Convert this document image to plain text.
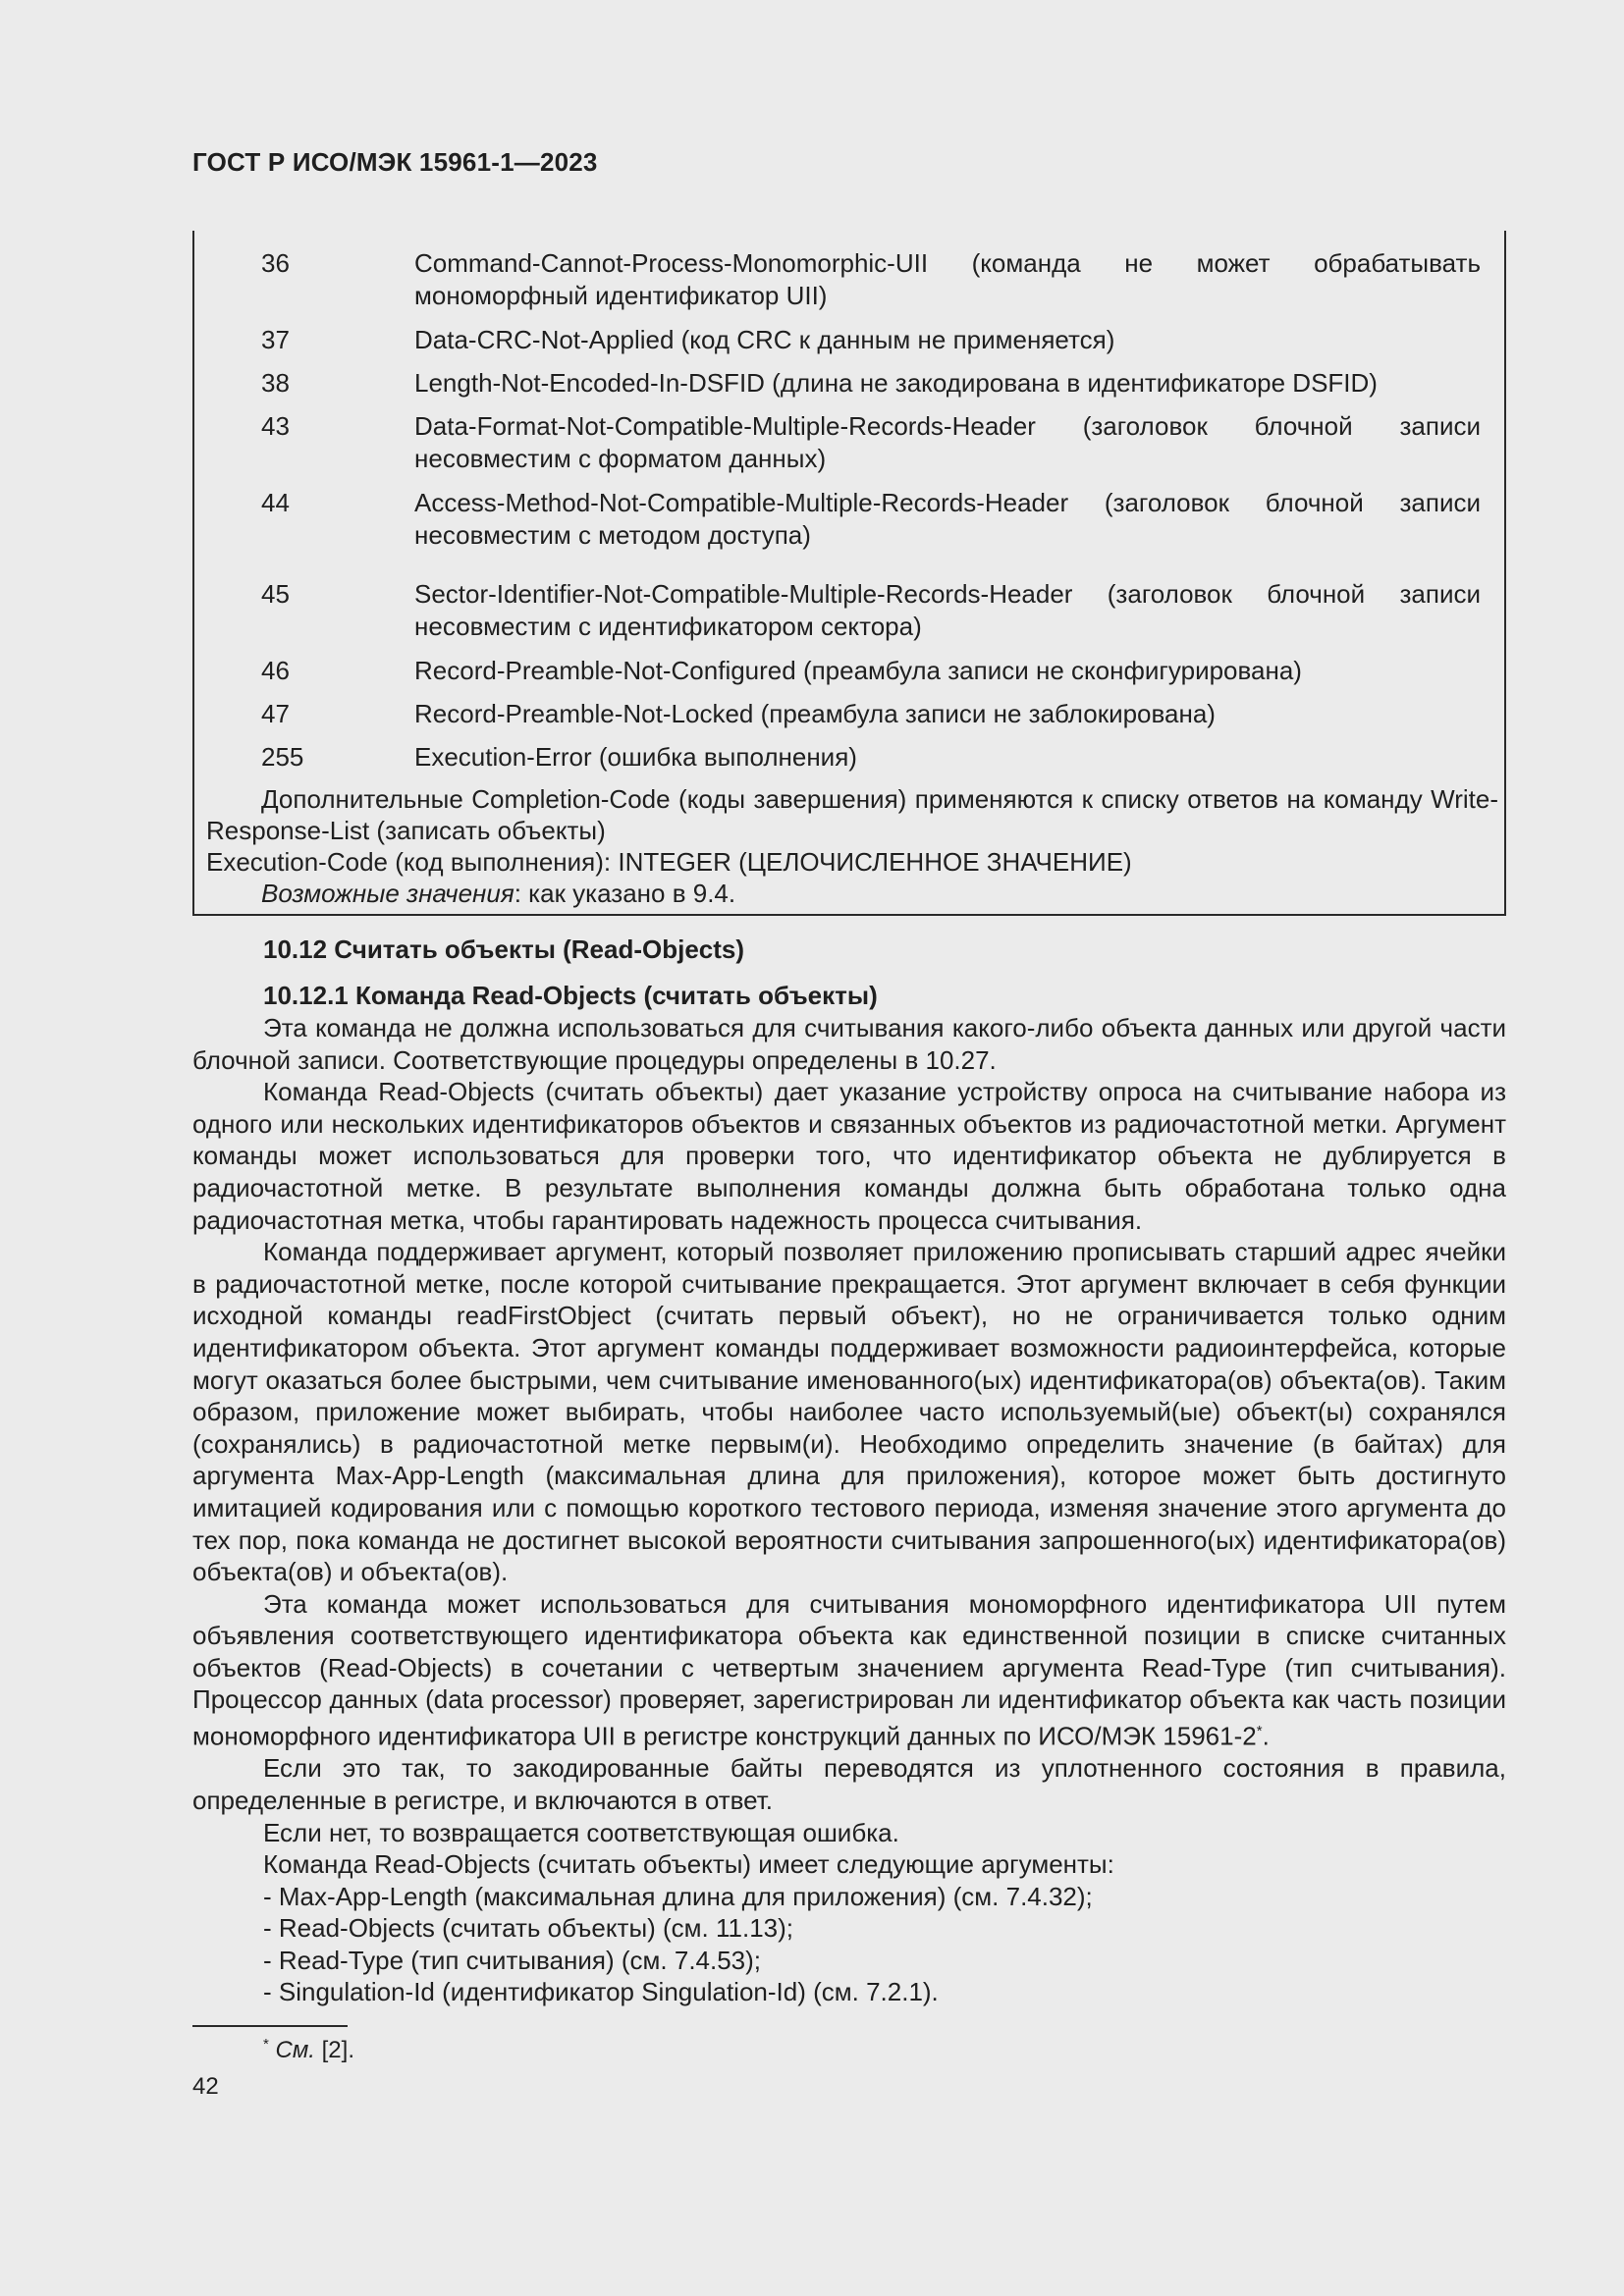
ГОСТ Р ИСО/МЭК 15961-1—2023
36	Command-Cannot-Process-Monomorphic-UII (команда не может обрабатывать мономорфный идентификатор UII)
37	Data-CRC-Not-Applied (код CRC к данным не применяется)
38	Length-Not-Encoded-In-DSFID (длина не закодирована в идентификаторе DSFID)
43	Data-Format-Not-Compatible-Multiple-Records-Header (заголовок блочной записи несовместим с форматом данных)
44	Access-Method-Not-Compatible-Multiple-Records-Header (заголовок блочной записи несовместим с методом доступа)
45	Sector-Identifier-Not-Compatible-Multiple-Records-Header (заголовок блочной записи несовместим с идентификатором сектора)
46	Record-Preamble-Not-Configured (преамбула записи не сконфигурирована)
47	Record-Preamble-Not-Locked (преамбула записи не заблокирована)
255	Execution-Error (ошибка выполнения)

Дополнительные Completion-Code (коды завершения) применяются к списку ответов на команду Write-Response-List (записать объекты)

Execution-Code (код выполнения): INTEGER (ЦЕЛОЧИСЛЕННОЕ ЗНАЧЕНИЕ)

Возможные значения: как указано в 9.4.

10.12 Считать объекты (Read-Objects)
10.12.1 Команда Read-Objects (считать объекты)

Эта команда не должна использоваться для считывания какого-либо объекта данных или другой части блочной записи. Соответствующие процедуры определены в 10.27.

Команда Read-Objects (считать объекты) дает указание устройству опроса на считывание набора из одного или нескольких идентификаторов объектов и связанных объектов из радиочастотной метки. Аргумент команды может использоваться для проверки того, что идентификатор объекта не дублируется в радиочастотной метке. В результате выполнения команды должна быть обработана только одна радиочастотная метка, чтобы гарантировать надежность процесса считывания.

Команда поддерживает аргумент, который позволяет приложению прописывать старший адрес ячейки в радиочастотной метке, после которой считывание прекращается. Этот аргумент включает в себя функции исходной команды readFirstObject (считать первый объект), но не ограничивается только одним идентификатором объекта. Этот аргумент команды поддерживает возможности радиоинтерфейса, которые могут оказаться более быстрыми, чем считывание именованного(ых) идентификатора(ов) объекта(ов). Таким образом, приложение может выбирать, чтобы наиболее часто используемый(ые) объект(ы) сохранялся (сохранялись) в радиочастотной метке первым(и). Необходимо определить значение (в байтах) для аргумента Max-App-Length (максимальная длина для приложения), которое может быть достигнуто имитацией кодирования или с помощью короткого тестового периода, изменяя значение этого аргумента до тех пор, пока команда не достигнет высокой вероятности считывания запрошенного(ых) идентификатора(ов) объекта(ов) и объекта(ов).

Эта команда может использоваться для считывания мономорфного идентификатора UII путем объявления соответствующего идентификатора объекта как единственной позиции в списке считанных объектов (Read-Objects) в сочетании с четвертым значением аргумента Read-Type (тип считывания). Процессор данных (data processor) проверяет, зарегистрирован ли идентификатор объекта как часть позиции мономорфного идентификатора UII в регистре конструкций данных по ИСО/МЭК 15961-2*.

Если это так, то закодированные байты переводятся из уплотненного состояния в правила, определенные в регистре, и включаются в ответ.

Если нет, то возвращается соответствующая ошибка.

Команда Read-Objects (считать объекты) имеет следующие аргументы:

- Max-App-Length (максимальная длина для приложения) (см. 7.4.32);

- Read-Objects (считать объекты) (см. 11.13);

- Read-Type (тип считывания) (см. 7.4.53);

- Singulation-Id (идентификатор Singulation-Id) (см. 7.2.1).

* См. [2].
42
